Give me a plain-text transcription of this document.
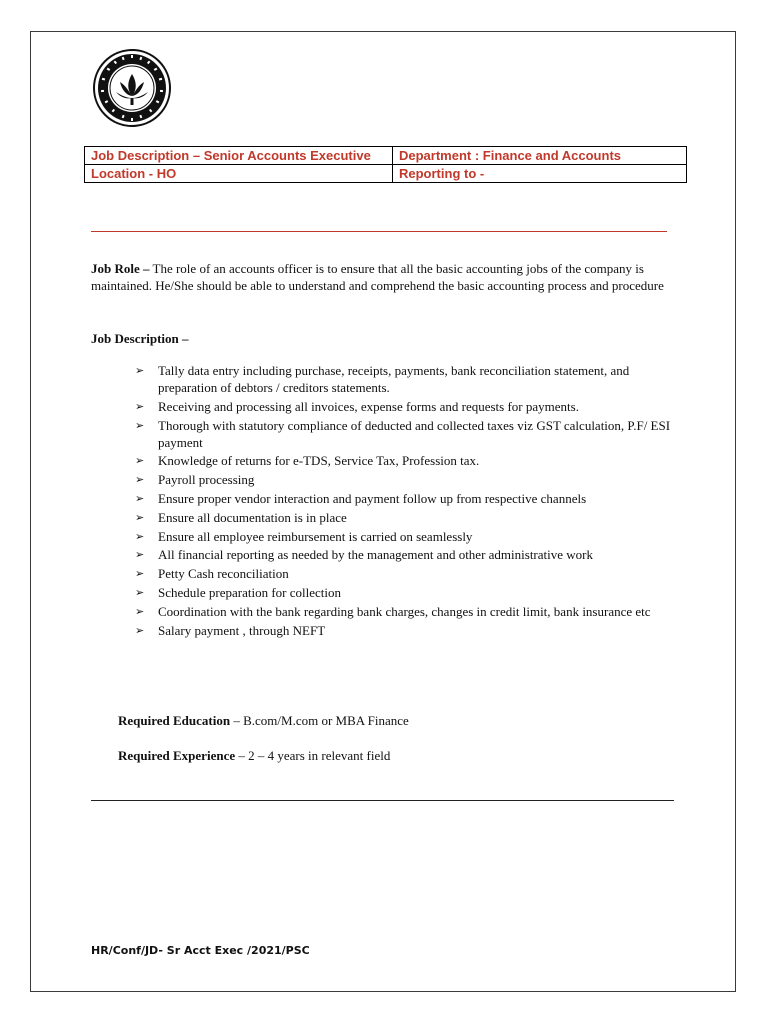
Job Description – Senior Accounts Executive	Department : Finance and Accounts
Location - HO	Reporting to -
Job Role – The role of an accounts officer is to ensure that all the basic accounting jobs of the company is maintained. He/She should be able to understand and comprehend the basic accounting process and procedure
Job Description –
➢ Tally data entry including purchase, receipts, payments, bank reconciliation statement, and preparation of debtors / creditors statements.
➢ Receiving and processing all invoices, expense forms and requests for payments.
➢ Thorough with statutory compliance of deducted and collected taxes viz GST calculation, P.F/ ESI payment
➢ Knowledge of returns for e-TDS, Service Tax, Profession tax.
➢ Payroll processing
➢ Ensure proper vendor interaction and payment follow up from respective channels
➢ Ensure all documentation is in place
➢ Ensure all employee reimbursement is carried on seamlessly
➢ All financial reporting as needed by the management and other administrative work
➢ Petty Cash reconciliation
➢ Schedule preparation for collection
➢ Coordination with the bank regarding bank charges, changes in credit limit, bank insurance etc
➢ Salary payment , through NEFT
Required Education – B.com/M.com or MBA Finance
Required Experience – 2 – 4 years in relevant field
HR/Conf/JD- Sr Acct Exec /2021/PSC
